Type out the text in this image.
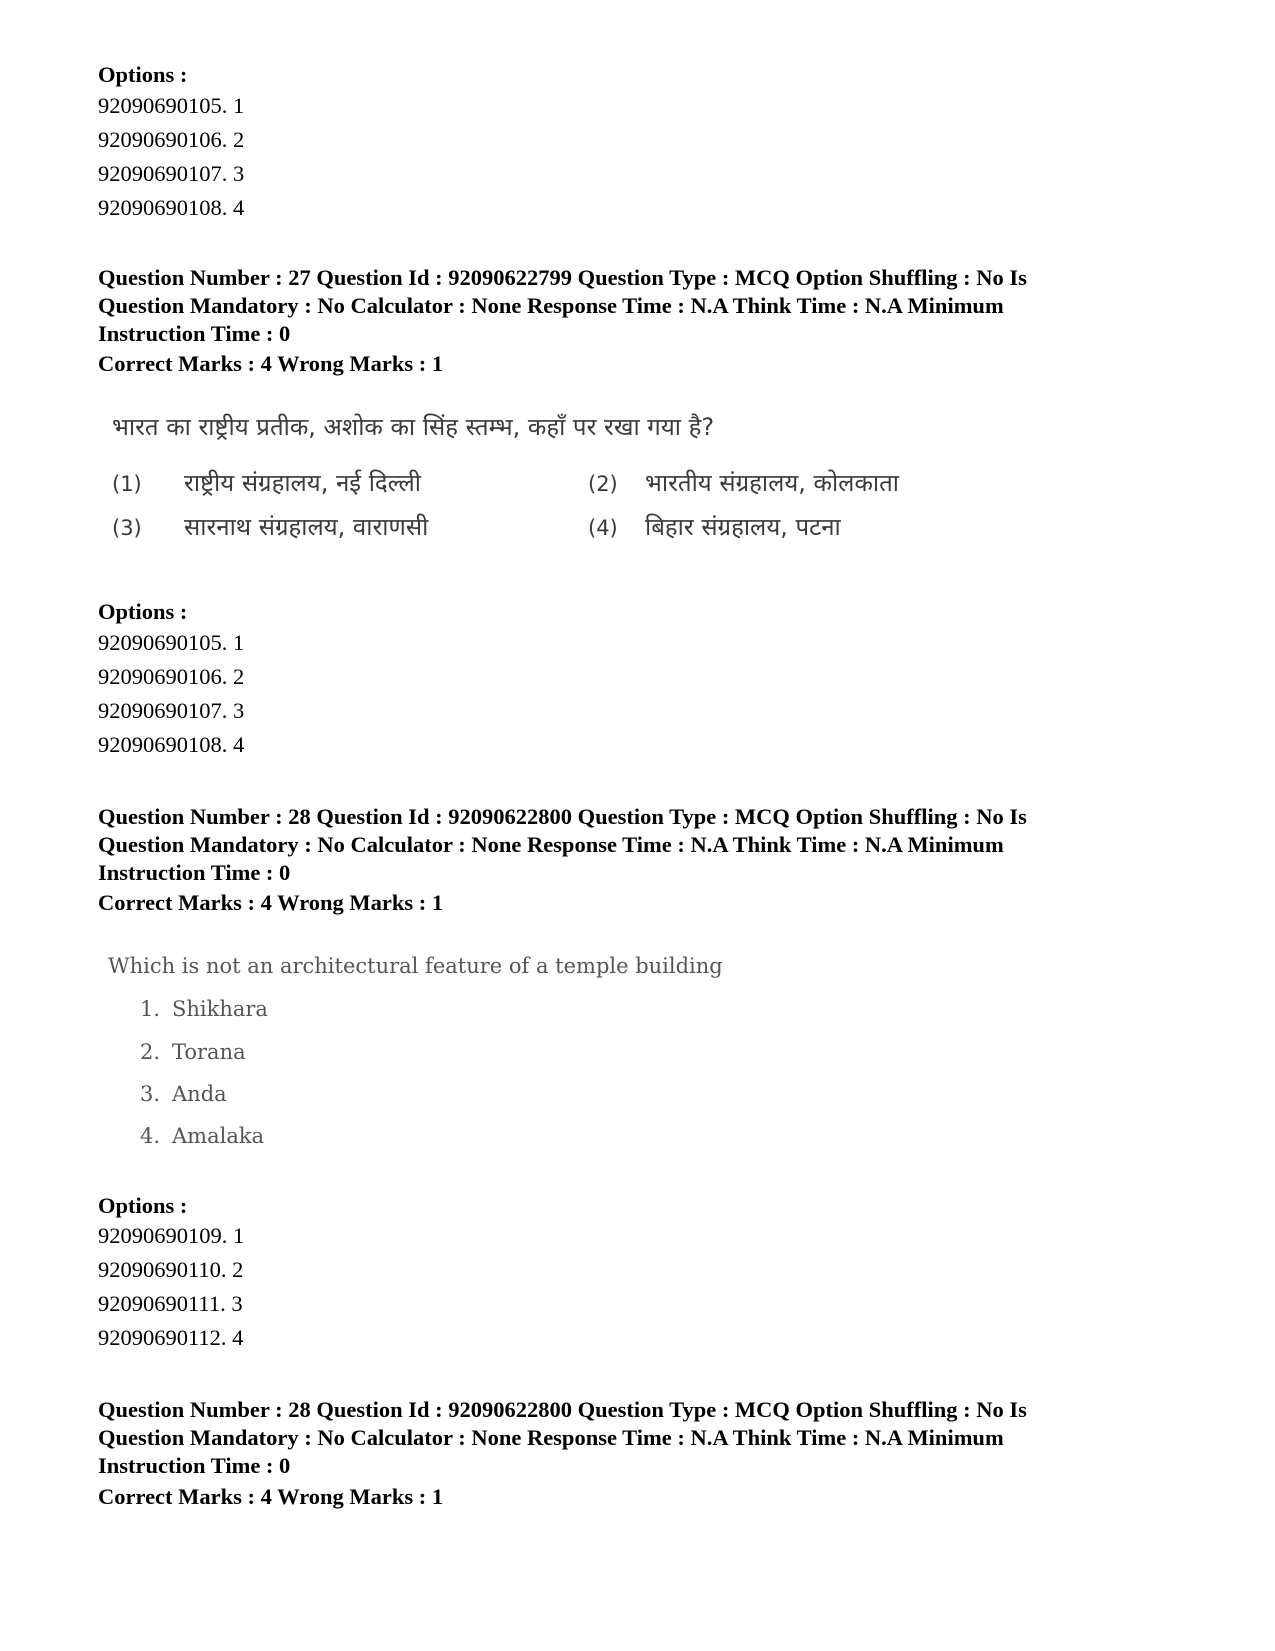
Options :
92090690105. 1
92090690106. 2
92090690107. 3
92090690108. 4
Question Number : 27 Question Id : 92090622799 Question Type : MCQ Option Shuffling : No Is
Question Mandatory : No Calculator : None Response Time : N.A Think Time : N.A Minimum
Instruction Time : 0
Correct Marks : 4 Wrong Marks : 1
भारत का राष्ट्रीय प्रतीक, अशोक का सिंह स्तम्भ, कहाँ पर रखा गया है?
(1) राष्ट्रीय संग्रहालय, नई दिल्ली	(2) भारतीय संग्रहालय, कोलकाता
(3) सारनाथ संग्रहालय, वाराणसी	(4) बिहार संग्रहालय, पटना
Options :
92090690105. 1
92090690106. 2
92090690107. 3
92090690108. 4
Question Number : 28 Question Id : 92090622800 Question Type : MCQ Option Shuffling : No Is
Question Mandatory : No Calculator : None Response Time : N.A Think Time : N.A Minimum
Instruction Time : 0
Correct Marks : 4 Wrong Marks : 1
Which is not an architectural feature of a temple building
1. Shikhara
2. Torana
3. Anda
4. Amalaka
Options :
92090690109. 1
92090690110. 2
92090690111. 3
92090690112. 4
Question Number : 28 Question Id : 92090622800 Question Type : MCQ Option Shuffling : No Is
Question Mandatory : No Calculator : None Response Time : N.A Think Time : N.A Minimum
Instruction Time : 0
Correct Marks : 4 Wrong Marks : 1
